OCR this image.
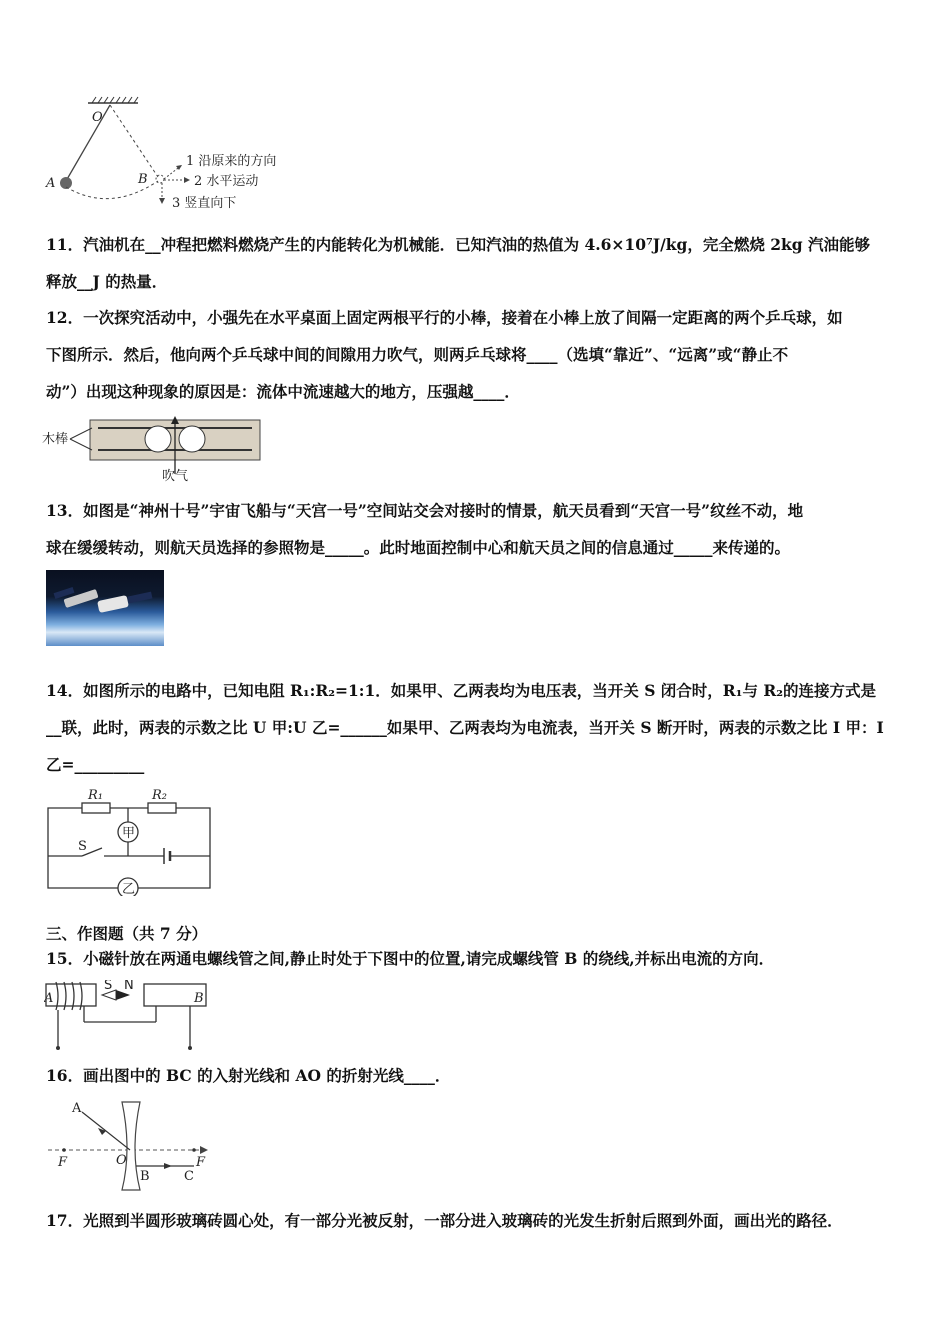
O
A	B
1 沿原来的方向
2 水平运动
3 竖直向下
11．汽油机在__冲程把燃料燃烧产生的内能转化为机械能．已知汽油的热值为 4.6×10⁷J/kg，完全燃烧 2kg 汽油能够
释放__J 的热量．
12．一次探究活动中，小强先在水平桌面上固定两根平行的小棒，接着在小棒上放了间隔一定距离的两个乒乓球，如
下图所示．然后，他向两个乒乓球中间的间隙用力吹气，则两乒乓球将____（选填“靠近”、“远离”或“静止不
动”）出现这种现象的原因是：流体中流速越大的地方，压强越____．
木棒
吹气
13．如图是“神州十号”宇宙飞船与“天宫一号”空间站交会对接时的情景，航天员看到“天宫一号”纹丝不动，地
球在缓缓转动，则航天员选择的参照物是_____。此时地面控制中心和航天员之间的信息通过_____来传递的。
14．如图所示的电路中，已知电阻 R₁:R₂=1:1．如果甲、乙两表均为电压表，当开关 S 闭合时，R₁与 R₂的连接方式是
__联，此时，两表的示数之比 U 甲:U 乙=______如果甲、乙两表均为电流表，当开关 S 断开时，两表的示数之比 I 甲：I
乙=_________
甲
乙
R₁	R₂
S
三、作图题（共 7 分）
15．小磁针放在两通电螺线管之间,静止时处于下图中的位置,请完成螺线管 B 的绕线,并标出电流的方向．
A	B
S N
16．画出图中的 BC 的入射光线和 AO 的折射光线____．
A
O
F	F
B	C
17．光照到半圆形玻璃砖圆心处，有一部分光被反射，一部分进入玻璃砖的光发生折射后照到外面，画出光的路径．
